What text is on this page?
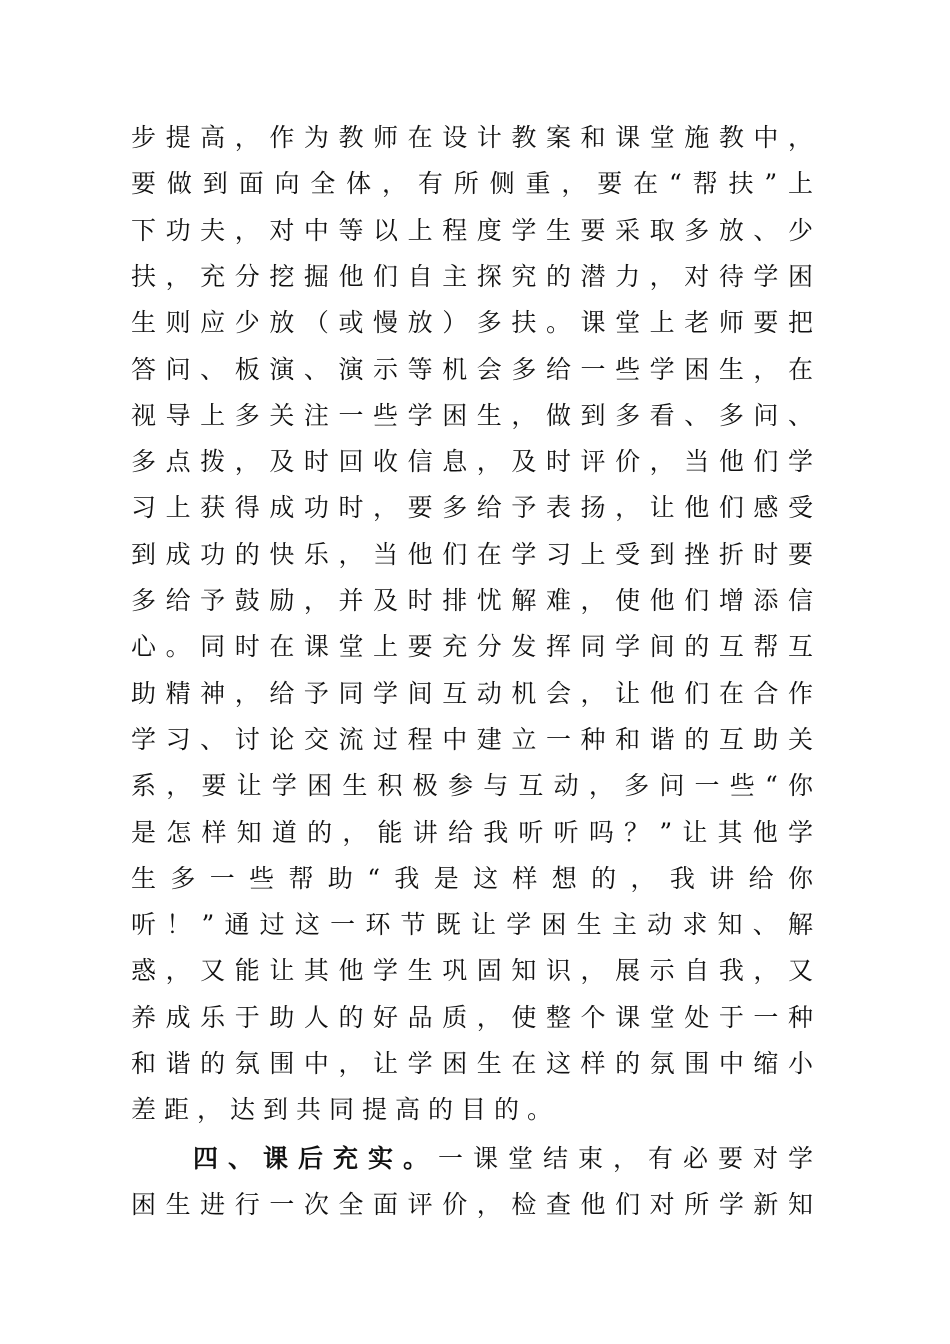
步提高，作为教师在设计教案和课堂施教中，
要做到面向全体，有所侧重，要在“帮扶”上
下功夫，对中等以上程度学生要采取多放、少
扶，充分挖掘他们自主探究的潜力，对待学困
生则应少放（或慢放）多扶。课堂上老师要把
答问、板演、演示等机会多给一些学困生，在
视导上多关注一些学困生，做到多看、多问、
多点拨，及时回收信息，及时评价，当他们学
习上获得成功时，要多给予表扬，让他们感受
到成功的快乐，当他们在学习上受到挫折时要
多给予鼓励，并及时排忧解难，使他们增添信
心。同时在课堂上要充分发挥同学间的互帮互
助精神，给予同学间互动机会，让他们在合作
学习、讨论交流过程中建立一种和谐的互助关
系，要让学困生积极参与互动，多问一些“你
是怎样知道的，能讲给我听听吗？”让其他学
生多一些帮助“我是这样想的，我讲给你
听！”通过这一环节既让学困生主动求知、解
惑，又能让其他学生巩固知识，展示自我，又
养成乐于助人的好品质，使整个课堂处于一种
和谐的氛围中，让学困生在这样的氛围中缩小
差距，达到共同提高的目的。
四、课后充实。一课堂结束，有必要对学
困生进行一次全面评价，检查他们对所学新知
